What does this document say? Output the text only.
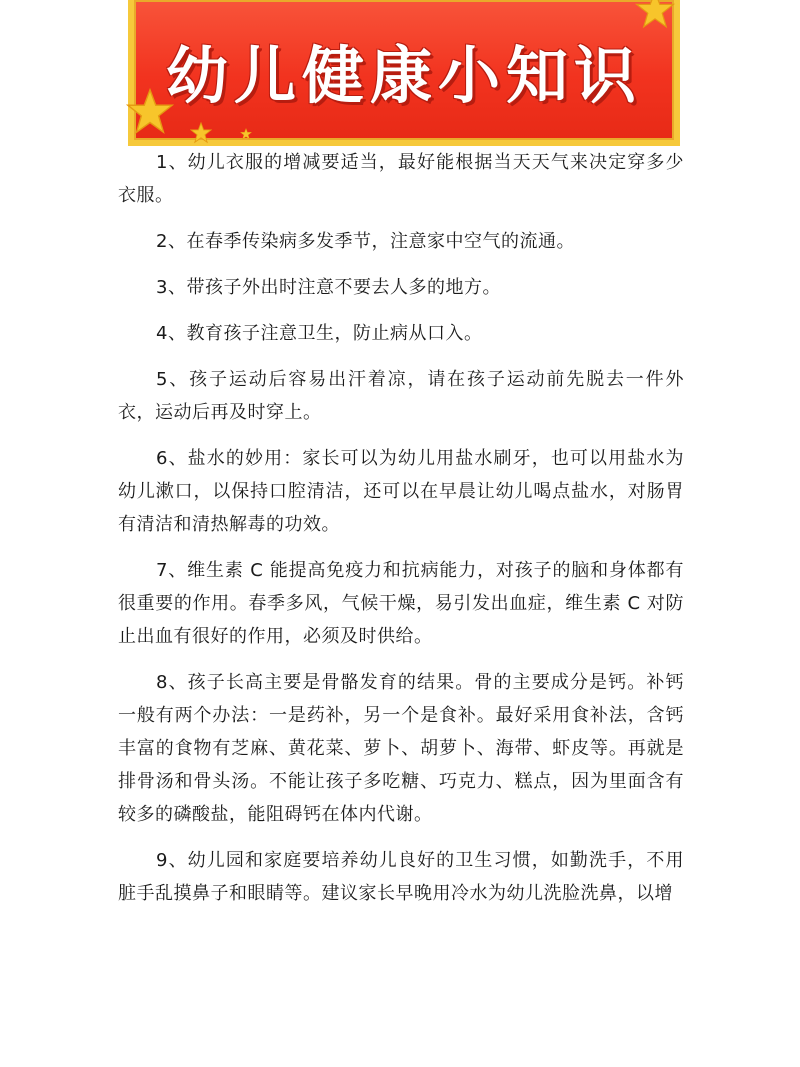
幼儿健康小知识

1、幼儿衣服的增减要适当，最好能根据当天天气来决定穿多少衣服。

2、在春季传染病多发季节，注意家中空气的流通。

3、带孩子外出时注意不要去人多的地方。

4、教育孩子注意卫生，防止病从口入。

5、孩子运动后容易出汗着凉，请在孩子运动前先脱去一件外衣，运动后再及时穿上。

6、盐水的妙用：家长可以为幼儿用盐水刷牙，也可以用盐水为幼儿漱口，以保持口腔清洁，还可以在早晨让幼儿喝点盐水，对肠胃有清洁和清热解毒的功效。

7、维生素 C 能提高免疫力和抗病能力，对孩子的脑和身体都有很重要的作用。春季多风，气候干燥，易引发出血症，维生素 C 对防止出血有很好的作用，必须及时供给。

8、孩子长高主要是骨骼发育的结果。骨的主要成分是钙。补钙一般有两个办法：一是药补，另一个是食补。最好采用食补法，含钙丰富的食物有芝麻、黄花菜、萝卜、胡萝卜、海带、虾皮等。再就是排骨汤和骨头汤。不能让孩子多吃糖、巧克力、糕点，因为里面含有较多的磷酸盐，能阻碍钙在体内代谢。

9、幼儿园和家庭要培养幼儿良好的卫生习惯，如勤洗手，不用脏手乱摸鼻子和眼睛等。建议家长早晚用冷水为幼儿洗脸洗鼻，以增
